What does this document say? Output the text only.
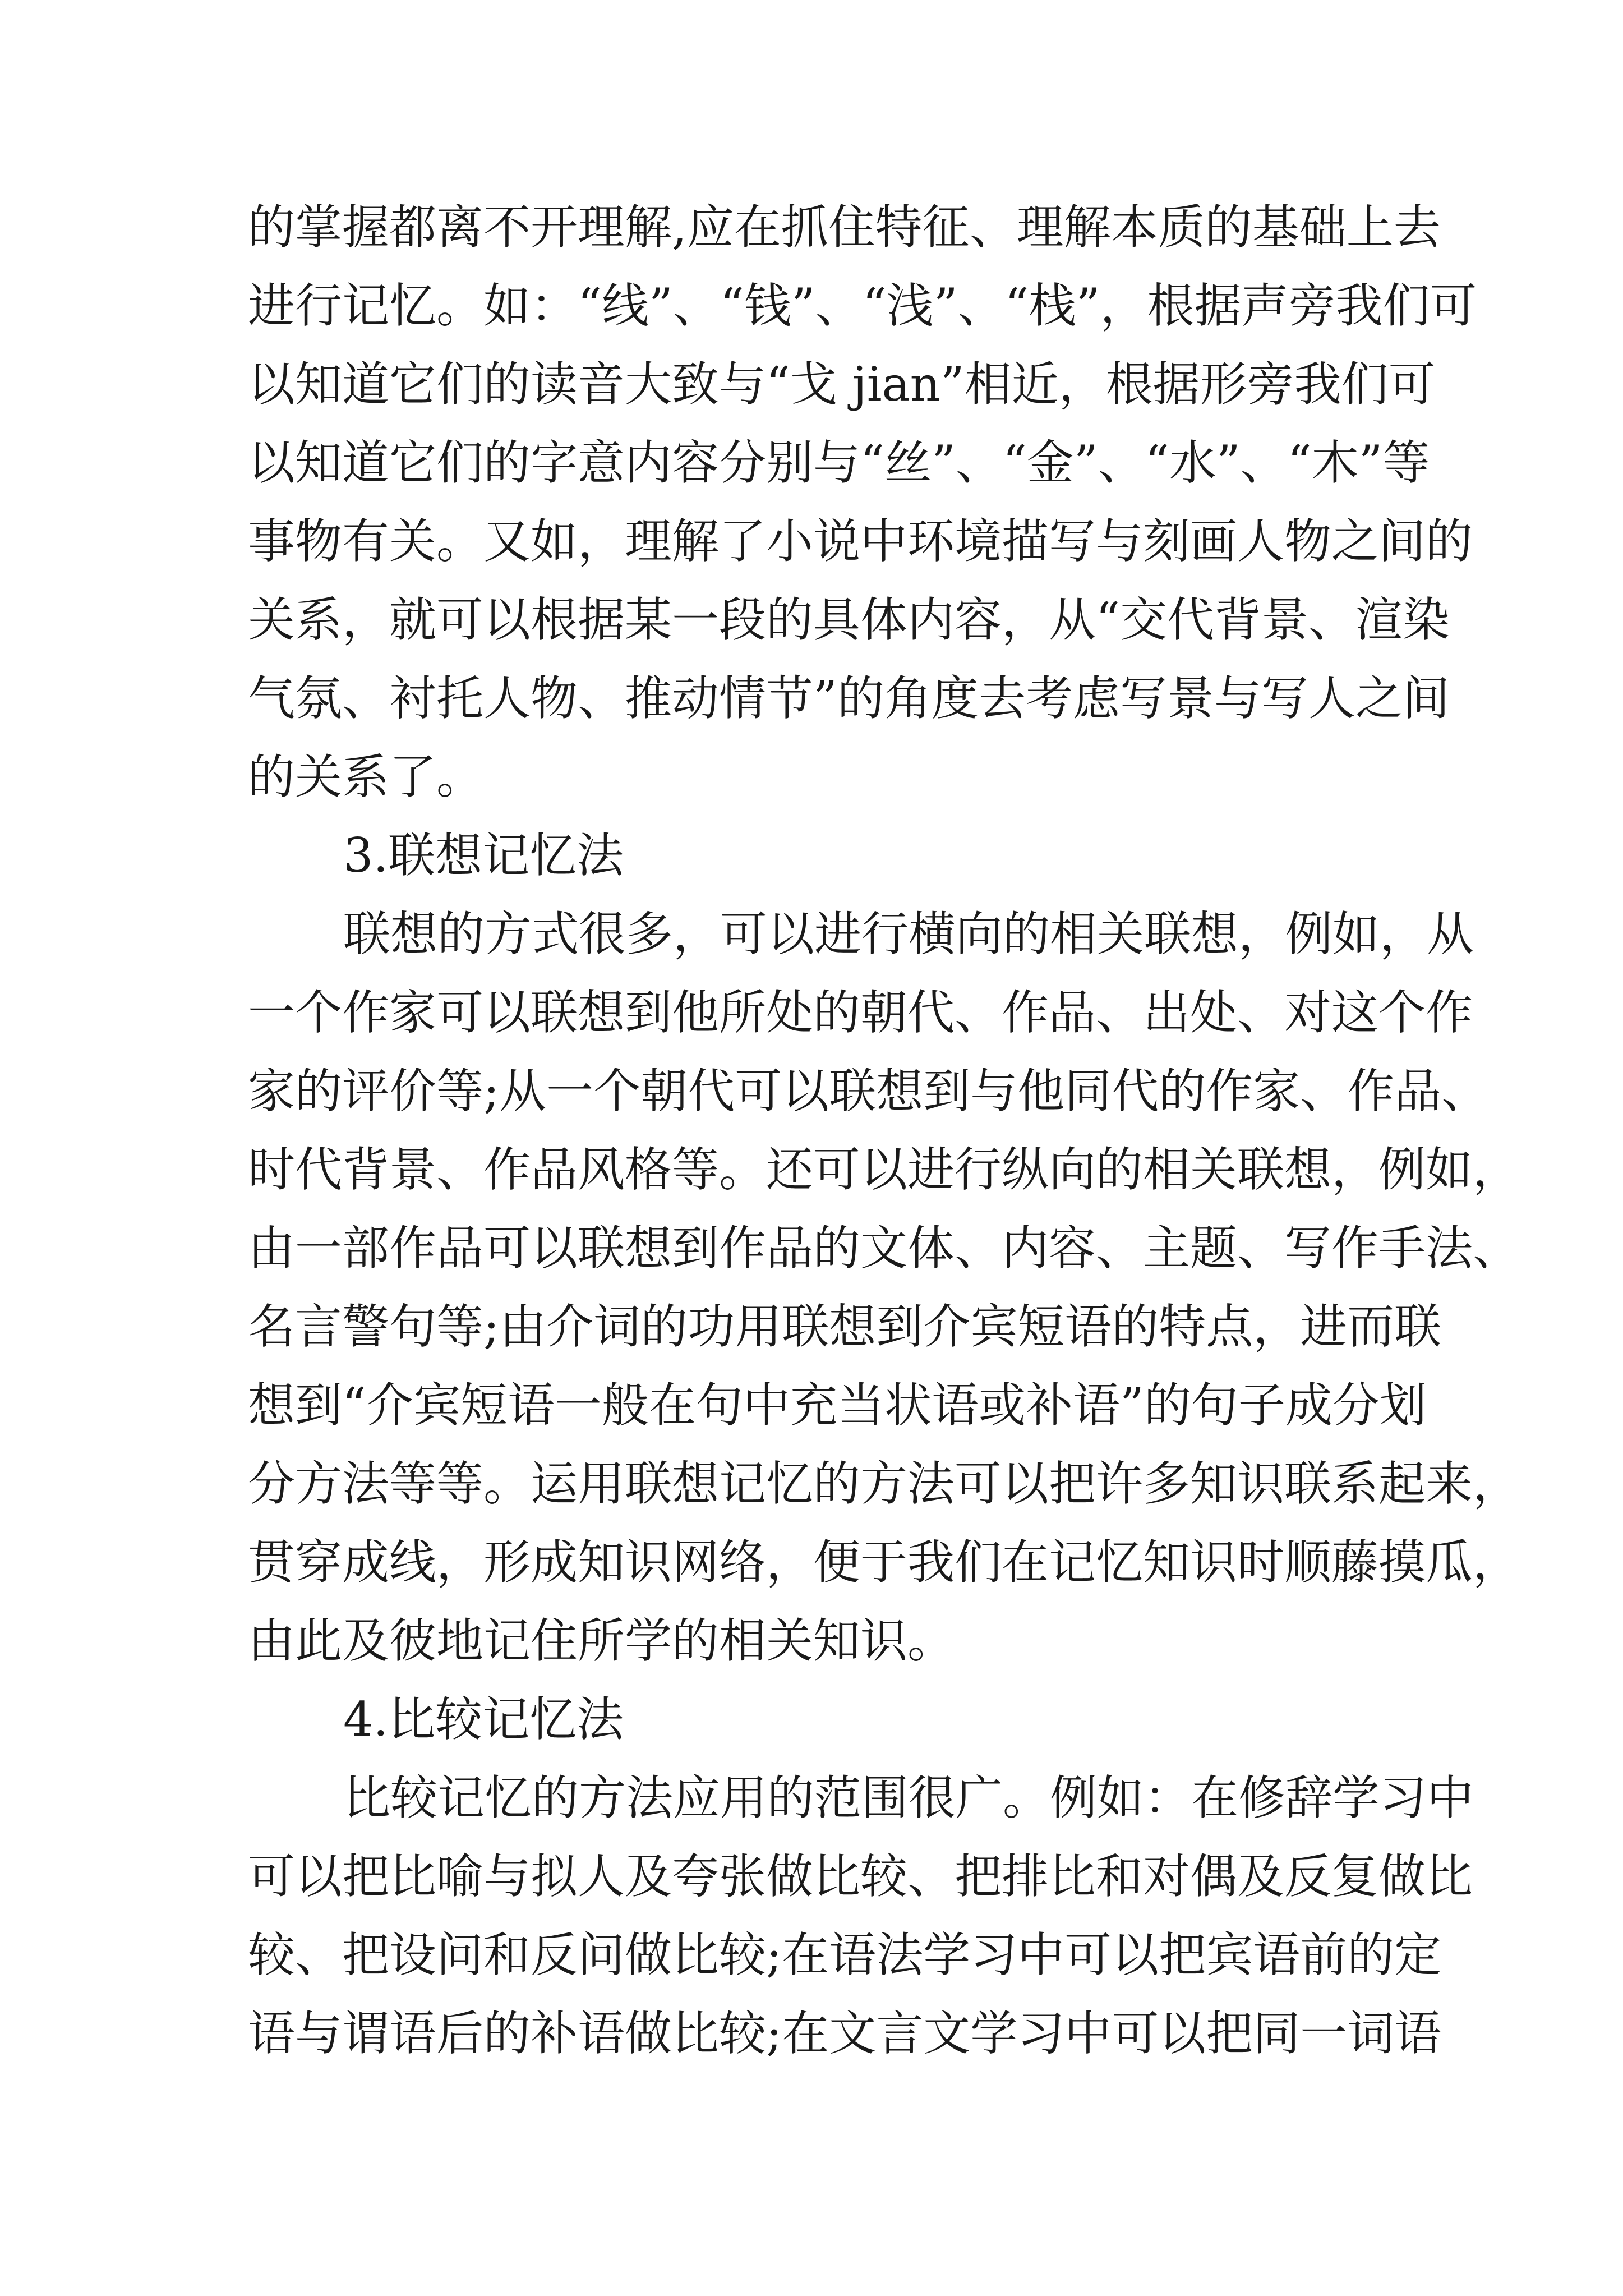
的掌握都离不开理解,应在抓住特征、理解本质的基础上去
进行记忆。如：“线”、“钱”、“浅”、“栈”，根据声旁我们可
以知道它们的读音大致与“戈 jian”相近，根据形旁我们可
以知道它们的字意内容分别与“丝”、“金”、“水”、“木”等
事物有关。又如，理解了小说中环境描写与刻画人物之间的
关系，就可以根据某一段的具体内容，从“交代背景、渲染
气氛、衬托人物、推动情节”的角度去考虑写景与写人之间
的关系了。
3.联想记忆法
联想的方式很多，可以进行横向的相关联想，例如，从
一个作家可以联想到他所处的朝代、作品、出处、对这个作
家的评价等;从一个朝代可以联想到与他同代的作家、作品、
时代背景、作品风格等。还可以进行纵向的相关联想，例如，
由一部作品可以联想到作品的文体、内容、主题、写作手法、
名言警句等;由介词的功用联想到介宾短语的特点，进而联
想到“介宾短语一般在句中充当状语或补语”的句子成分划
分方法等等。运用联想记忆的方法可以把许多知识联系起来，
贯穿成线，形成知识网络，便于我们在记忆知识时顺藤摸瓜，
由此及彼地记住所学的相关知识。
4.比较记忆法
比较记忆的方法应用的范围很广。例如：在修辞学习中
可以把比喻与拟人及夸张做比较、把排比和对偶及反复做比
较、把设问和反问做比较;在语法学习中可以把宾语前的定
语与谓语后的补语做比较;在文言文学习中可以把同一词语
